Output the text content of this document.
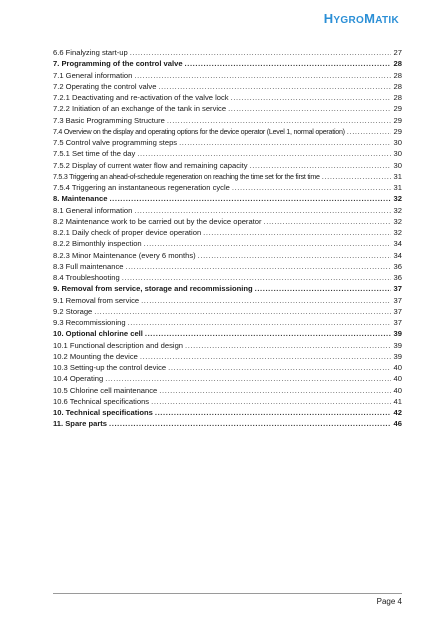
HYGROMATIK
6.6 Finalyzing start-up .....	27
7. Programming of the control valve .....	28
7.1 General information .....	28
7.2 Operating the control valve .....	28
7.2.1 Deactivating and re-activation of the valve lock .....	28
7.2.2 Initiation of an exchange of the tank in service .....	29
7.3 Basic Programming Structure .....	29
7.4 Overview on the display and operating options for the device operator (Level 1, normal operation) .....	29
7.5 Control valve programming steps .....	30
7.5.1 Set time of the day .....	30
7.5.2 Display of current water flow and remaining capacity .....	30
7.5.3 Triggering an ahead-of-schedule regeneration on reaching the time set for the first time .....	31
7.5.4 Triggering an instantaneous regeneration cycle .....	31
8. Maintenance .....	32
8.1 General information .....	32
8.2 Maintenance work to be carried out by the device operator .....	32
8.2.1 Daily check of proper device operation .....	32
8.2.2 Bimonthly inspection .....	34
8.2.3 Minor Maintenance (every 6 months) .....	34
8.3 Full maintenance .....	36
8.4 Troubleshooting .....	36
9. Removal from service, storage and recommissioning .....	37
9.1 Removal from service .....	37
9.2 Storage .....	37
9.3 Recommissioning .....	37
10. Optional chlorine cell .....	39
10.1 Functional description and design .....	39
10.2 Mounting the device .....	39
10.3 Setting-up the control device .....	40
10.4 Operating .....	40
10.5 Chlorine cell maintenance .....	40
10.6 Technical specifications .....	41
10. Technical specifications .....	42
11. Spare parts .....	46
Page 4
